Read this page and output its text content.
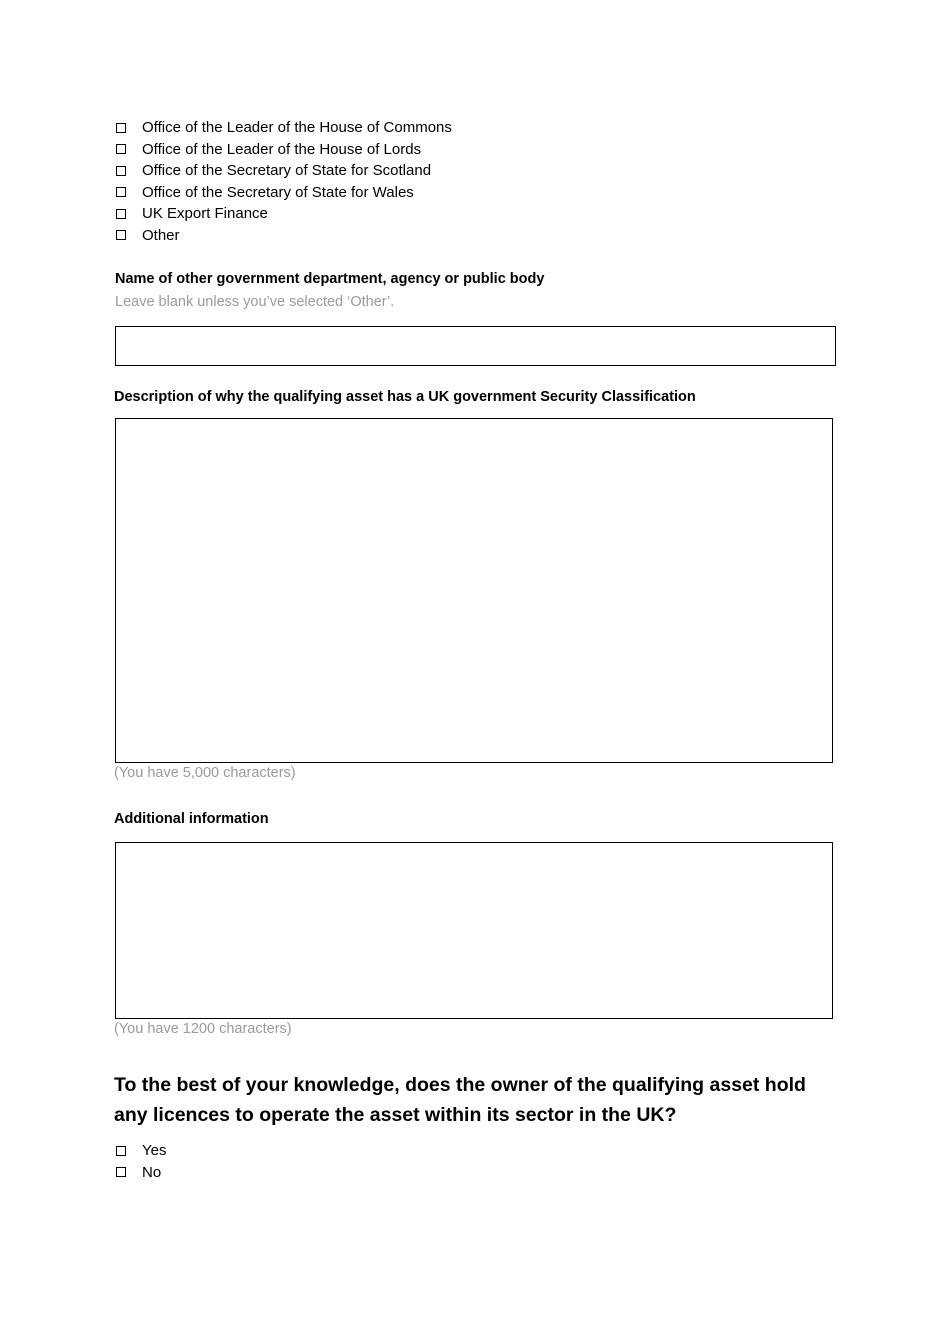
Office of the Leader of the House of Commons
Office of the Leader of the House of Lords
Office of the Secretary of State for Scotland
Office of the Secretary of State for Wales
UK Export Finance
Other
Name of other government department, agency or public body
Leave blank unless you’ve selected ‘Other’.
Description of why the qualifying asset has a UK government Security Classification
(You have 5,000 characters)
Additional information
(You have 1200 characters)
To the best of your knowledge, does the owner of the qualifying asset hold any licences to operate the asset within its sector in the UK?
Yes
No
